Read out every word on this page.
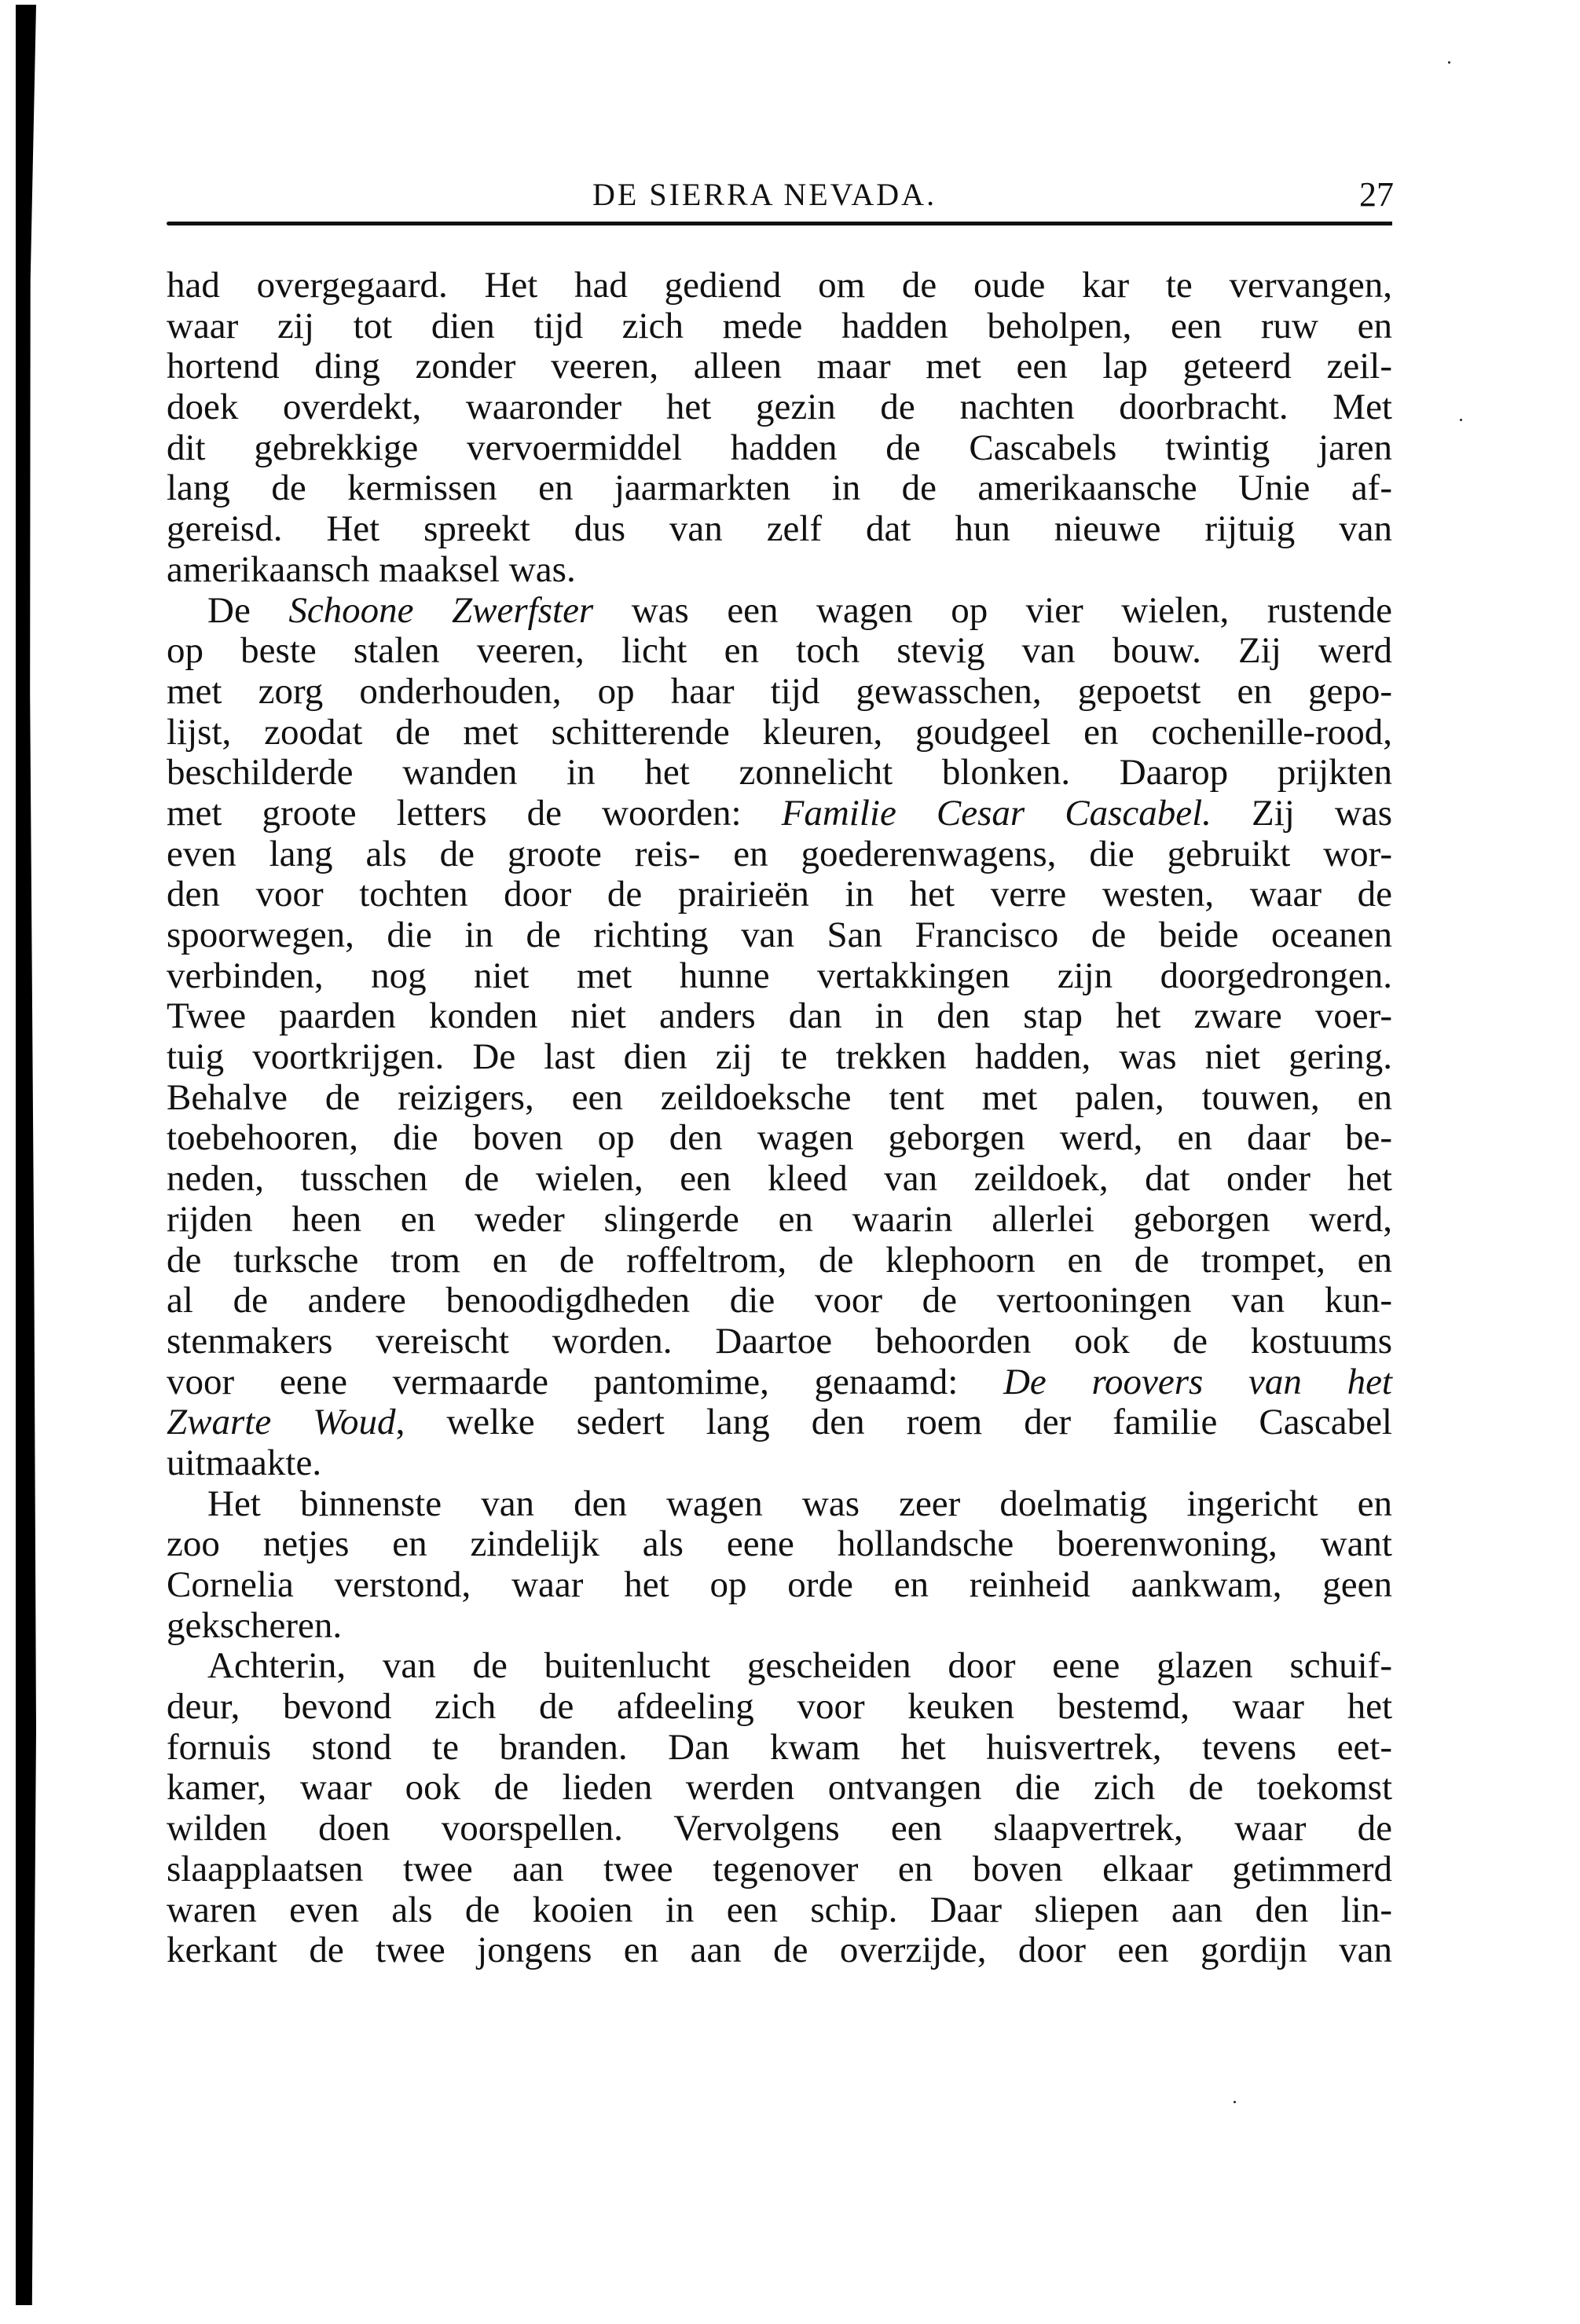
DE SIERRA NEVADA.	27
had overgegaard. Het had gediend om de oude kar te vervangen,
waar zij tot dien tijd zich mede hadden beholpen, een ruw en
hortend ding zonder veeren, alleen maar met een lap geteerd zeil-
doek overdekt, waaronder het gezin de nachten doorbracht. Met
dit gebrekkige vervoermiddel hadden de Cascabels twintig jaren
lang de kermissen en jaarmarkten in de amerikaansche Unie af-
gereisd. Het spreekt dus van zelf dat hun nieuwe rijtuig van
amerikaansch maaksel was.
De Schoone Zwerfster was een wagen op vier wielen, rustende
op beste stalen veeren, licht en toch stevig van bouw. Zij werd
met zorg onderhouden, op haar tijd gewasschen, gepoetst en gepo-
lijst, zoodat de met schitterende kleuren, goudgeel en cochenille-rood,
beschilderde wanden in het zonnelicht blonken. Daarop prijkten
met groote letters de woorden: Familie Cesar Cascabel. Zij was
even lang als de groote reis- en goederenwagens, die gebruikt wor-
den voor tochten door de prairieën in het verre westen, waar de
spoorwegen, die in de richting van San Francisco de beide oceanen
verbinden, nog niet met hunne vertakkingen zijn doorgedrongen.
Twee paarden konden niet anders dan in den stap het zware voer-
tuig voortkrijgen. De last dien zij te trekken hadden, was niet gering.
Behalve de reizigers, een zeildoeksche tent met palen, touwen, en
toebehooren, die boven op den wagen geborgen werd, en daar be-
neden, tusschen de wielen, een kleed van zeildoek, dat onder het
rijden heen en weder slingerde en waarin allerlei geborgen werd,
de turksche trom en de roffeltrom, de klephoorn en de trompet, en
al de andere benoodigdheden die voor de vertooningen van kun-
stenmakers vereischt worden. Daartoe behoorden ook de kostuums
voor eene vermaarde pantomime, genaamd: De roovers van het
Zwarte Woud, welke sedert lang den roem der familie Cascabel
uitmaakte.
Het binnenste van den wagen was zeer doelmatig ingericht en
zoo netjes en zindelijk als eene hollandsche boerenwoning, want
Cornelia verstond, waar het op orde en reinheid aankwam, geen
gekscheren.
Achterin, van de buitenlucht gescheiden door eene glazen schuif-
deur, bevond zich de afdeeling voor keuken bestemd, waar het
fornuis stond te branden. Dan kwam het huisvertrek, tevens eet-
kamer, waar ook de lieden werden ontvangen die zich de toekomst
wilden doen voorspellen. Vervolgens een slaapvertrek, waar de
slaapplaatsen twee aan twee tegenover en boven elkaar getimmerd
waren even als de kooien in een schip. Daar sliepen aan den lin-
kerkant de twee jongens en aan de overzijde, door een gordijn van
